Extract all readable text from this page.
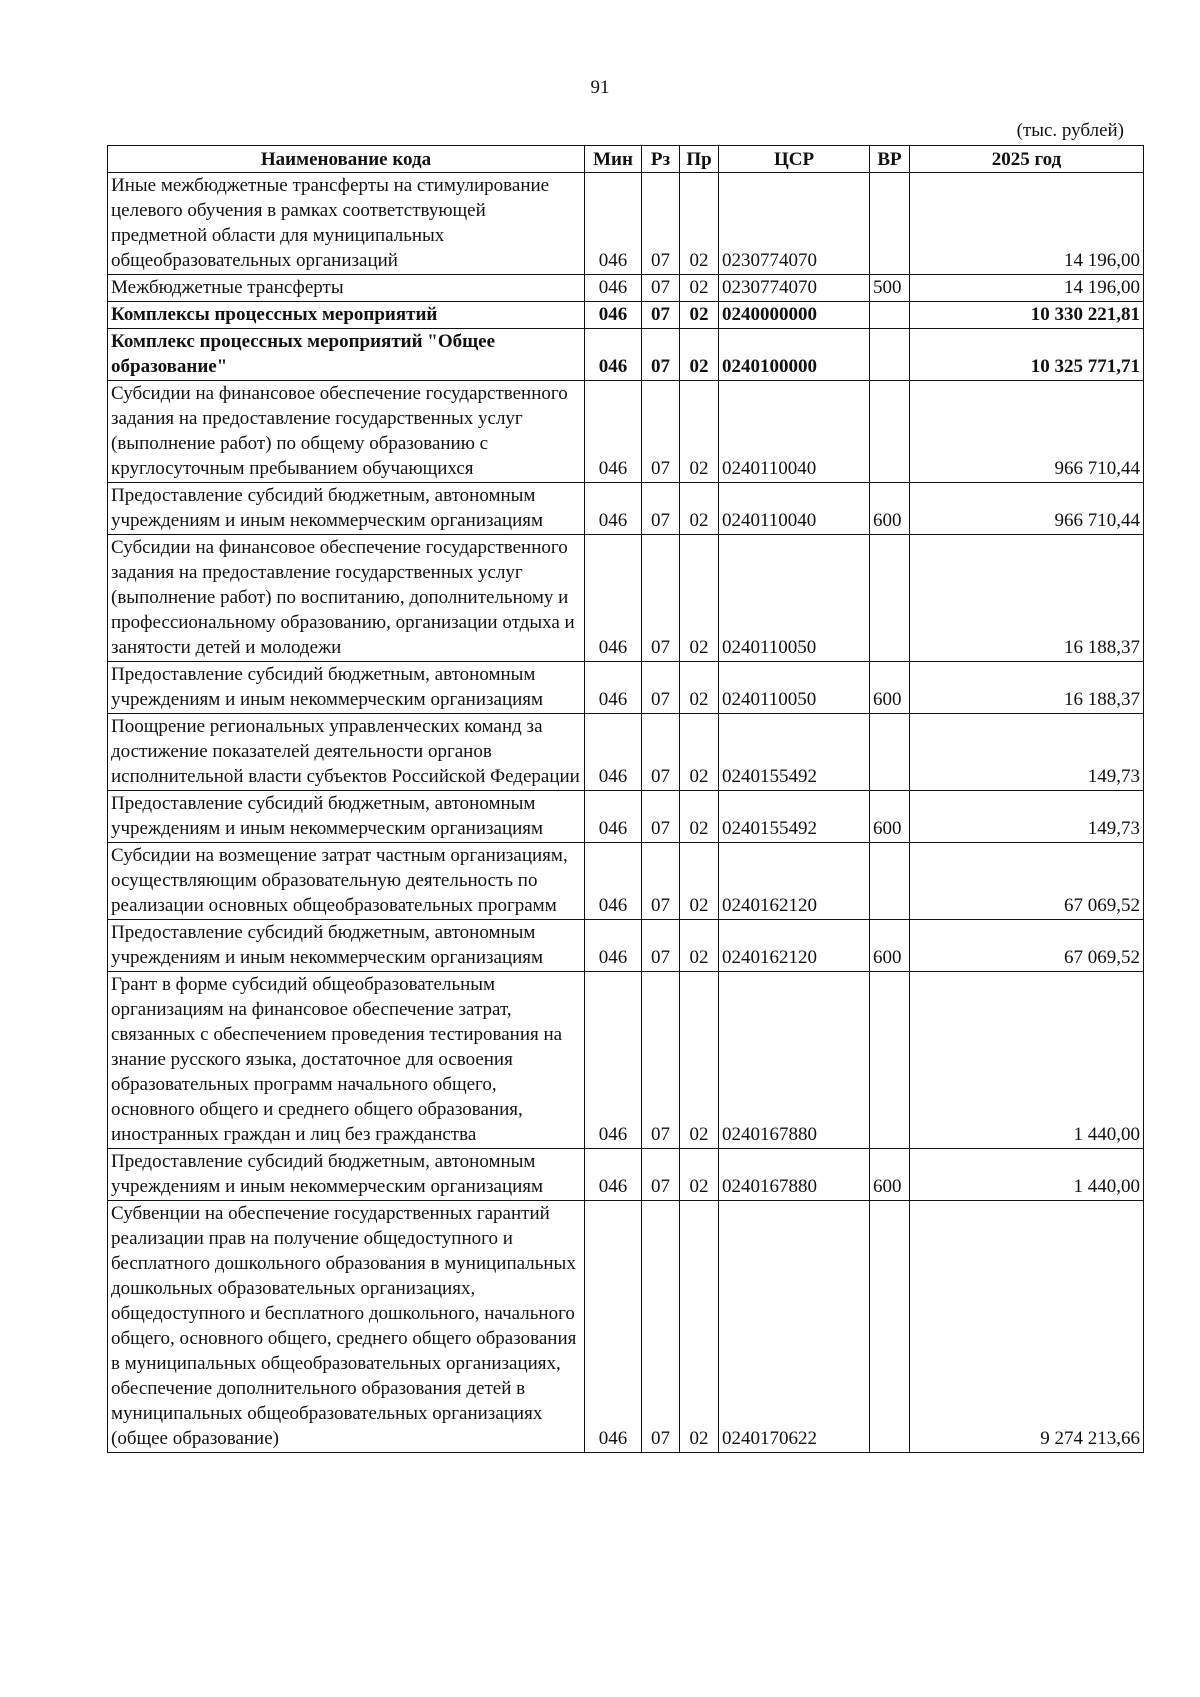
91
(тыс. рублей)
Наименование кода	Мин	Рз	Пр	ЦСР	ВР	2025 год
Иные межбюджетные трансферты на стимулирование целевого обучения в рамках соответствующей предметной области для муниципальных общеобразовательных организаций	046	07	02	0230774070		14 196,00
Межбюджетные трансферты	046	07	02	0230774070	500	14 196,00
Комплексы процессных мероприятий	046	07	02	0240000000		10 330 221,81
Комплекс процессных мероприятий "Общее образование"	046	07	02	0240100000		10 325 771,71
Субсидии на финансовое обеспечение государственного задания на предоставление государственных услуг (выполнение работ) по общему образованию с круглосуточным пребыванием обучающихся	046	07	02	0240110040		966 710,44
Предоставление субсидий бюджетным, автономным учреждениям и иным некоммерческим организациям	046	07	02	0240110040	600	966 710,44
Субсидии на финансовое обеспечение государственного задания на предоставление государственных услуг (выполнение работ) по воспитанию, дополнительному и профессиональному образованию, организации отдыха и занятости детей и молодежи	046	07	02	0240110050		16 188,37
Предоставление субсидий бюджетным, автономным учреждениям и иным некоммерческим организациям	046	07	02	0240110050	600	16 188,37
Поощрение региональных управленческих команд за достижение показателей деятельности органов исполнительной власти субъектов Российской Федерации	046	07	02	0240155492		149,73
Предоставление субсидий бюджетным, автономным учреждениям и иным некоммерческим организациям	046	07	02	0240155492	600	149,73
Субсидии на возмещение затрат частным организациям, осуществляющим образовательную деятельность по реализации основных общеобразовательных программ	046	07	02	0240162120		67 069,52
Предоставление субсидий бюджетным, автономным учреждениям и иным некоммерческим организациям	046	07	02	0240162120	600	67 069,52
Грант в форме субсидий общеобразовательным организациям на финансовое обеспечение затрат, связанных с обеспечением проведения тестирования на знание русского языка, достаточное для освоения образовательных программ начального общего, основного общего и среднего общего образования, иностранных граждан и лиц без гражданства	046	07	02	0240167880		1 440,00
Предоставление субсидий бюджетным, автономным учреждениям и иным некоммерческим организациям	046	07	02	0240167880	600	1 440,00
Субвенции на обеспечение государственных гарантий реализации прав на получение общедоступного и бесплатного дошкольного образования в муниципальных дошкольных образовательных организациях, общедоступного и бесплатного дошкольного, начального общего, основного общего, среднего общего образования в муниципальных общеобразовательных организациях, обеспечение дополнительного образования детей в муниципальных общеобразовательных организациях (общее образование)	046	07	02	0240170622		9 274 213,66
